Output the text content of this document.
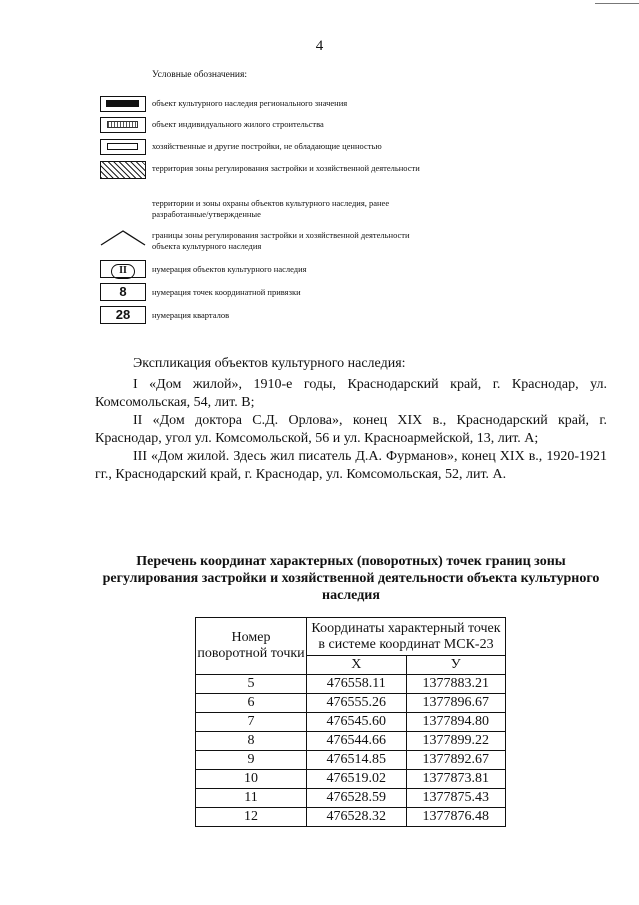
4
Условные обозначения:
объект культурного наследия регионального значения
объект индивидуального жилого строительства
хозяйственные и другие постройки, не обладающие ценностью
территория зоны регулирования застройки и хозяйственной деятельности
территории и зоны охраны объектов культурного наследия, ранее разработанные/утвержденные
границы зоны регулирования застройки и хозяйственной деятельности объекта культурного наследия
II	нумерация объектов культурного наследия
8	нумерация точек координатной привязки
28	нумерация кварталов
Экспликация объектов культурного наследия:

I «Дом жилой», 1910-е годы, Краснодарский край, г. Краснодар, ул. Комсомольская, 54, лит. В;

II «Дом доктора С.Д. Орлова», конец XIX в., Краснодарский край, г. Краснодар, угол ул. Комсомольской, 56 и ул. Красноармейской, 13, лит. А;

III «Дом жилой. Здесь жил писатель Д.А. Фурманов», конец XIX в., 1920-1921 гг., Краснодарский край, г. Краснодар, ул. Комсомольская, 52, лит. А.

Перечень координат характерных (поворотных) точек границ зоны регулирования застройки и хозяйственной деятельности объекта культурного наследия
Номер поворотной точки	Координаты характерный точек в системе координат МСК-23	
	Х	У
5	476558.11	1377883.21
6	476555.26	1377896.67
7	476545.60	1377894.80
8	476544.66	1377899.22
9	476514.85	1377892.67
10	476519.02	1377873.81
11	476528.59	1377875.43
12	476528.32	1377876.48
